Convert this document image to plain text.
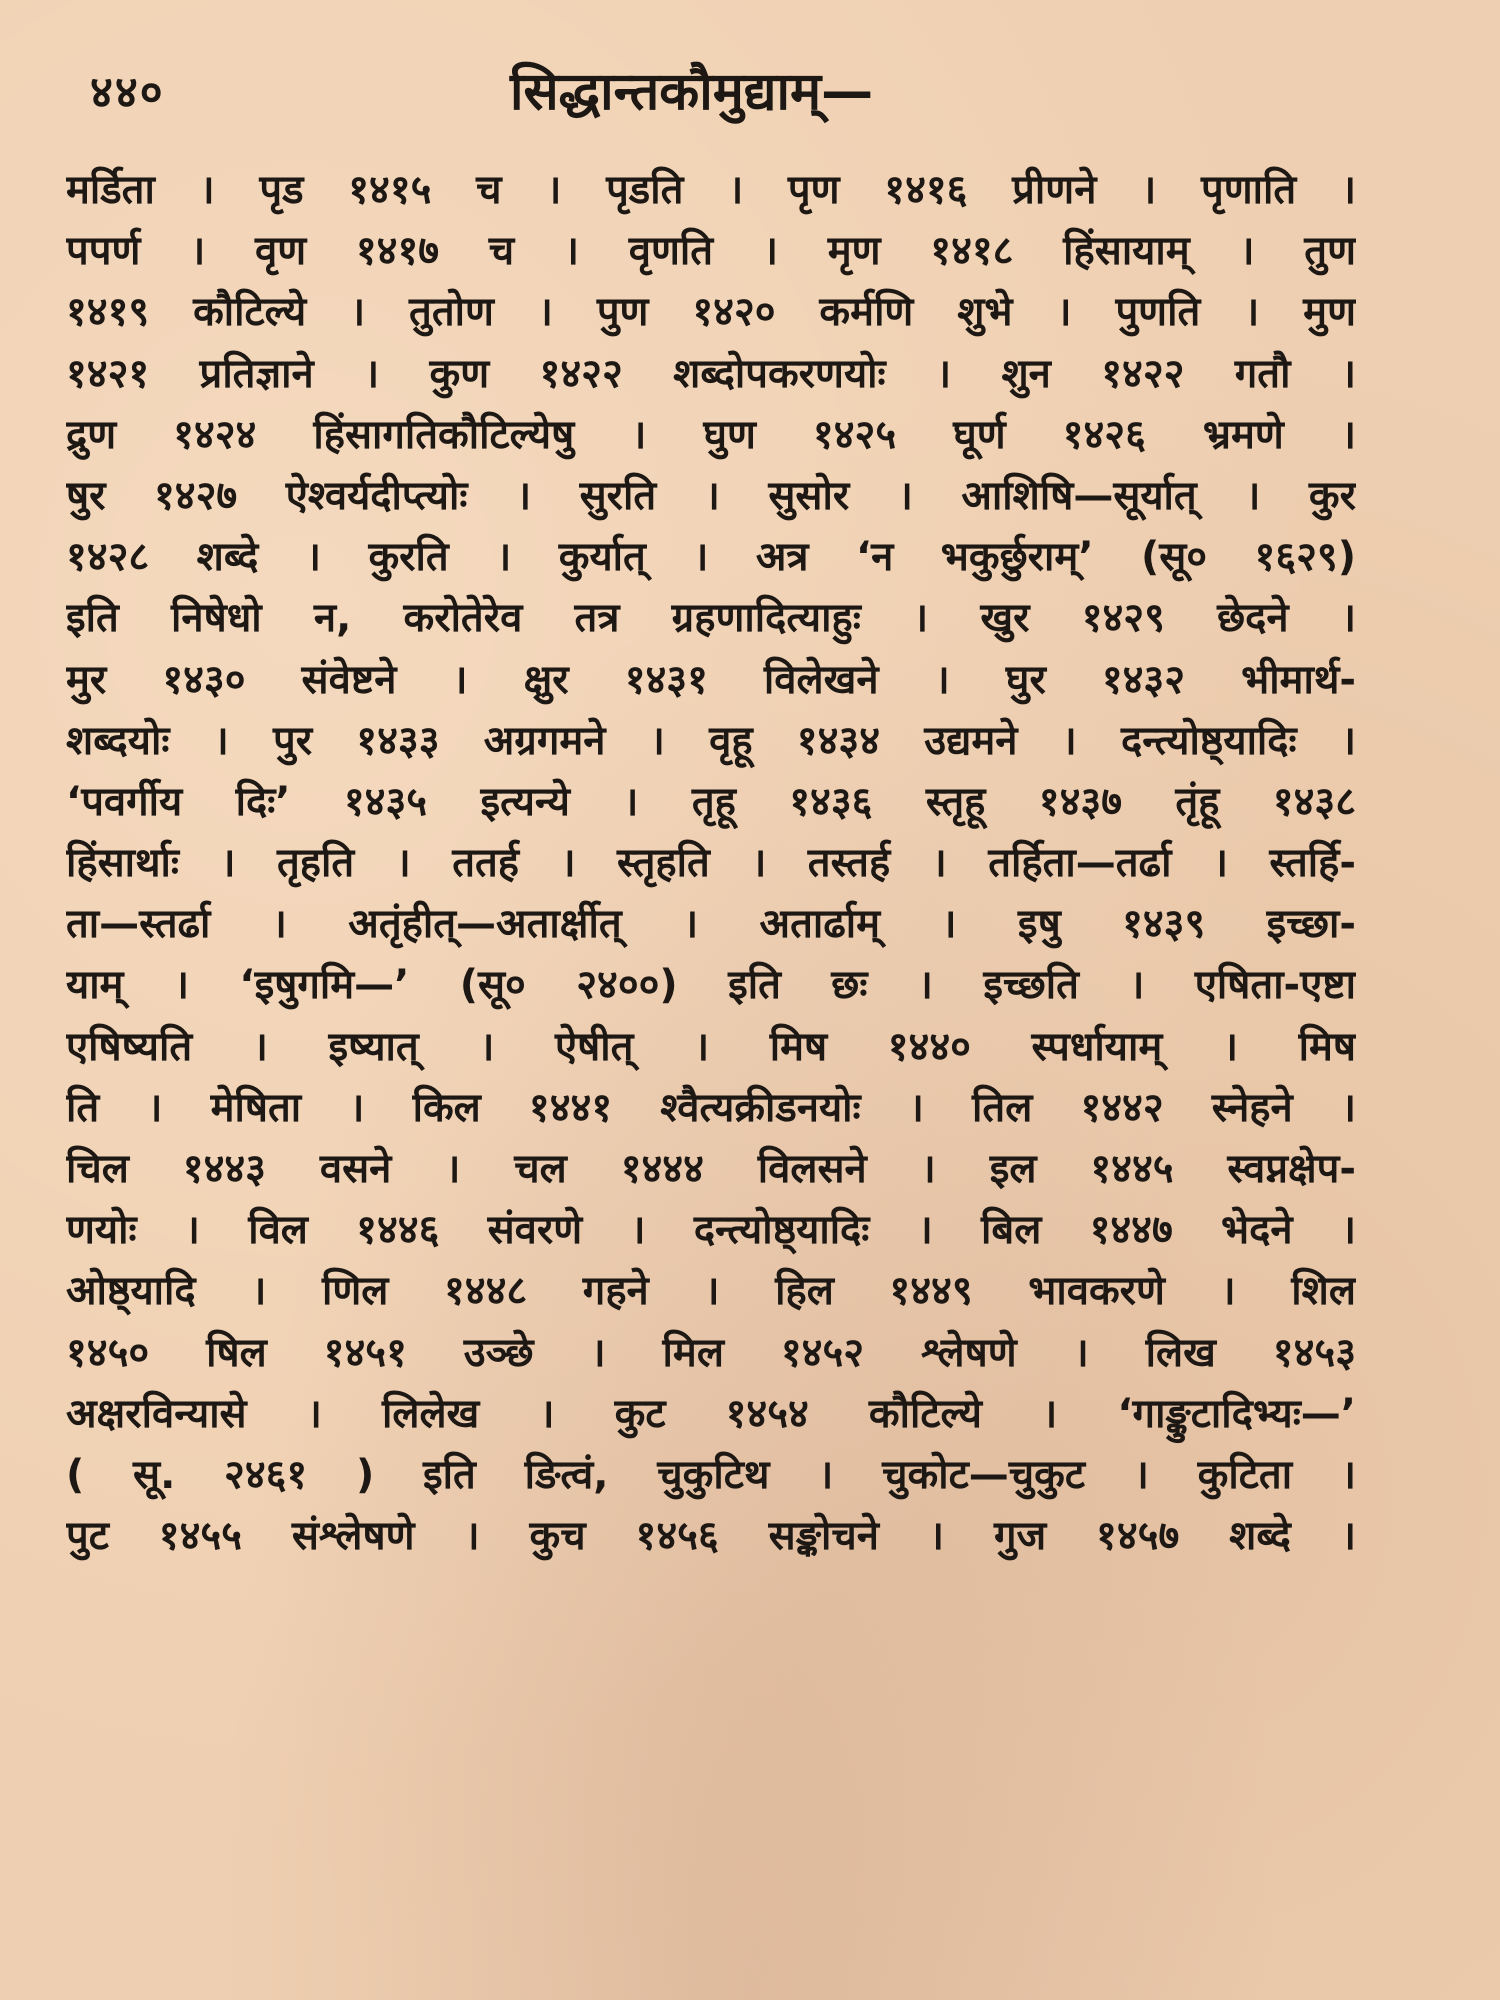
४४०	सिद्धान्तकौमुद्याम्—
मर्डिता । पृड १४१५ च । पृडति । पृण १४१६ प्रीणने । पृणाति ।
पपर्ण । वृण १४१७ च । वृणति । मृण १४१८ हिंसायाम् । तुण
१४१९ कौटिल्ये । तुतोण । पुण १४२० कर्मणि शुभे । पुणति । मुण
१४२१ प्रतिज्ञाने । कुण १४२२ शब्दोपकरणयोः । शुन १४२२ गतौ ।
द्रुण १४२४ हिंसागतिकौटिल्येषु । घुण १४२५ घूर्ण १४२६ भ्रमणे ।
षुर १४२७ ऐश्वर्यदीप्त्योः । सुरति । सुसोर । आशिषि—सूर्यात् । कुर
१४२८ शब्दे । कुरति । कुर्यात् । अत्र ‘न भकुर्छुराम्’ (सू० १६२९)
इति निषेधो न, करोतेरेव तत्र ग्रहणादित्याहुः । खुर १४२९ छेदने ।
मुर १४३० संवेष्टने । क्षुर १४३१ विलेखने । घुर १४३२ भीमार्थ-
शब्दयोः । पुर १४३३ अग्रगमने । वृहू १४३४ उद्यमने । दन्त्योष्ठ्यादिः ।
‘पवर्गीय दिः’ १४३५ इत्यन्ये । तृहू १४३६ स्तृहू १४३७ तृंहू १४३८
हिंसार्थाः । तृहति । ततर्ह । स्तृहति । तस्तर्ह । तर्हिता—तर्ढा । स्तर्हि-
ता—स्तर्ढा । अतृंहीत्—अतार्क्षीत् । अतार्ढाम् । इषु १४३९ इच्छा-
याम् । ‘इषुगमि—’ (सू० २४००) इति छः । इच्छति । एषिता-एष्टा
एषिष्यति । इष्यात् । ऐषीत् । मिष १४४० स्पर्धायाम् । मिष
ति । मेषिता । किल १४४१ श्वैत्यक्रीडनयोः । तिल १४४२ स्नेहने ।
चिल १४४३ वसने । चल १४४४ विलसने । इल १४४५ स्वप्नक्षेप-
णयोः । विल १४४६ संवरणे । दन्त्योष्ठ्यादिः । बिल १४४७ भेदने ।
ओष्ठ्यादि । णिल १४४८ गहने । हिल १४४९ भावकरणे । शिल
१४५० षिल १४५१ उञ्छे । मिल १४५२ श्लेषणे । लिख १४५३
अक्षरविन्यासे । लिलेख । कुट १४५४ कौटिल्ये । ‘गाङ्कुटादिभ्यः—’
( सू. २४६१ ) इति ङित्वं, चुकुटिथ । चुकोट—चुकुट । कुटिता ।
पुट १४५५ संश्लेषणे । कुच १४५६ सङ्कोचने । गुज १४५७ शब्दे ।
